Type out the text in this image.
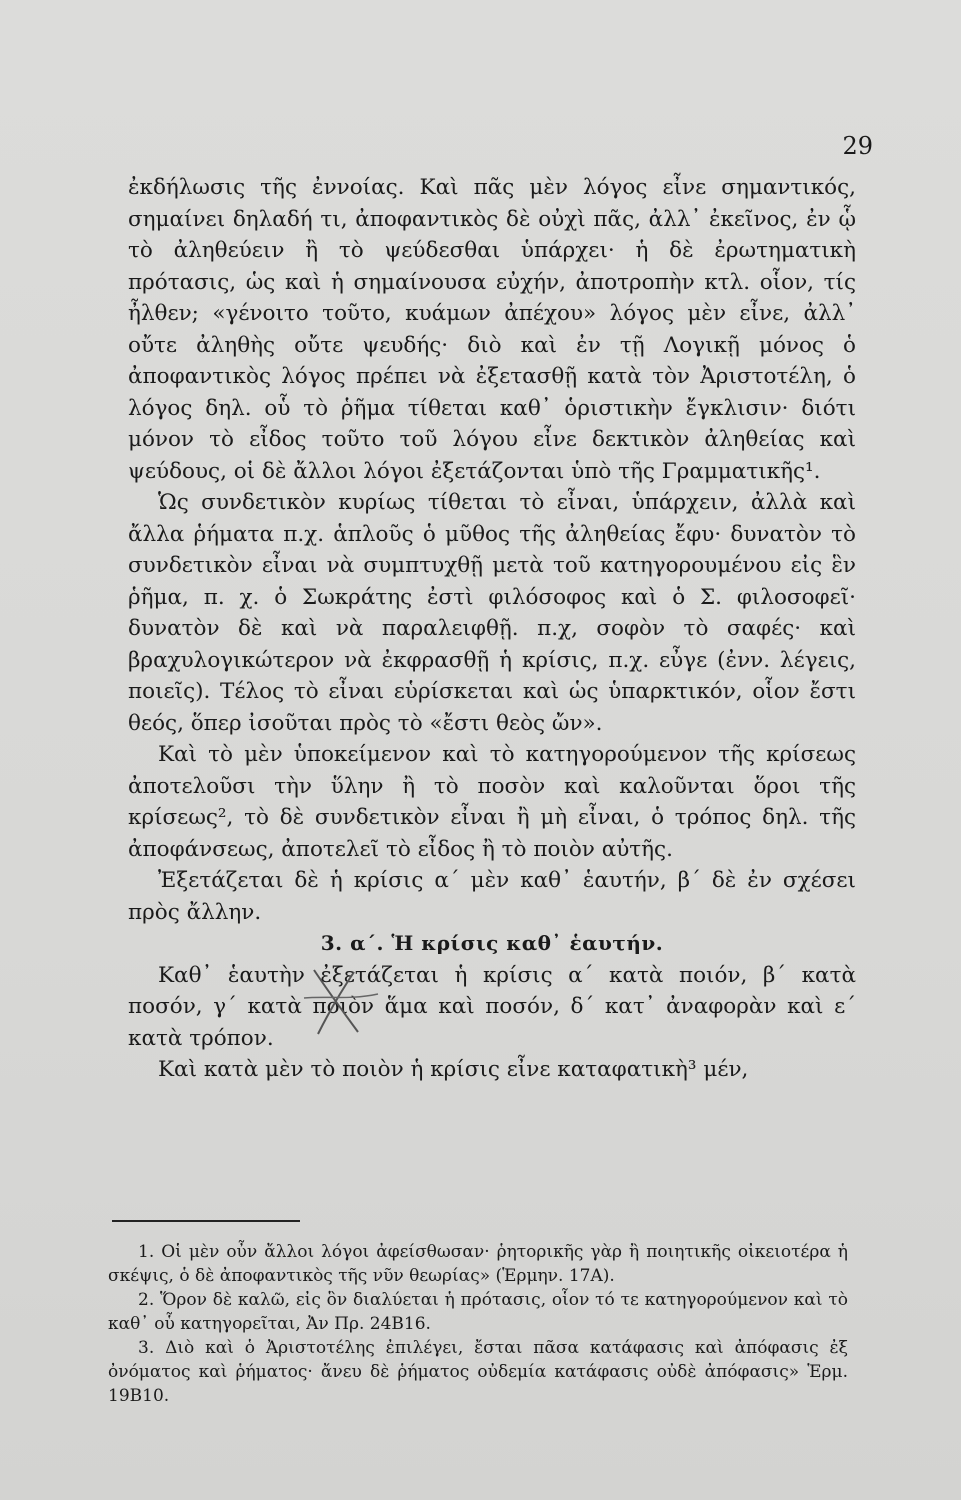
29

ἐκδήλωσις τῆς ἐννοίας. Καὶ πᾶς μὲν λόγος εἶνε σημαντικός, σημαίνει δηλαδή τι, ἀποφαντικὸς δὲ οὐχὶ πᾶς, ἀλλ᾽ ἐκεῖνος, ἐν ᾧ τὸ ἀληθεύειν ἢ τὸ ψεύδεσθαι ὑπάρχει· ἡ δὲ ἐρωτηματικὴ πρότασις, ὡς καὶ ἡ σημαίνουσα εὐχήν, ἀποτροπὴν κτλ. οἷον, τίς ἦλθεν; «γένοιτο τοῦτο, κυάμων ἀπέχου» λόγος μὲν εἶνε, ἀλλ᾽ οὔτε ἀληθὴς οὔτε ψευδής· διὸ καὶ ἐν τῇ Λογικῇ μόνος ὁ ἀποφαντικὸς λόγος πρέπει νὰ ἐξετασθῇ κατὰ τὸν Ἀριστοτέλη, ὁ λόγος δηλ. οὗ τὸ ῥῆμα τίθεται καθ᾽ ὁριστικὴν ἔγκλισιν· διότι μόνον τὸ εἶδος τοῦτο τοῦ λόγου εἶνε δεκτικὸν ἀληθείας καὶ ψεύδους, οἱ δὲ ἄλλοι λόγοι ἐξετάζονται ὑπὸ τῆς Γραμματικῆς¹.

Ὡς συνδετικὸν κυρίως τίθεται τὸ εἶναι, ὑπάρχειν, ἀλλὰ καὶ ἄλλα ῥήματα π.χ. ἁπλοῦς ὁ μῦθος τῆς ἀληθείας ἔφυ· δυνατὸν τὸ συνδετικὸν εἶναι νὰ συμπτυχθῇ μετὰ τοῦ κατηγορουμένου εἰς ἓν ῥῆμα, π. χ. ὁ Σωκράτης ἐστὶ φιλόσοφος καὶ ὁ Σ. φιλοσοφεῖ· δυνατὸν δὲ καὶ νὰ παραλειφθῇ. π.χ, σοφὸν τὸ σαφές· καὶ βραχυλογικώτερον νὰ ἐκφρασθῇ ἡ κρίσις, π.χ. εὖγε (ἐνν. λέγεις, ποιεῖς). Τέλος τὸ εἶναι εὑρίσκεται καὶ ὡς ὑπαρκτικόν, οἷον ἔστι θεός, ὅπερ ἰσοῦται πρὸς τὸ «ἔστι θεὸς ὤν».

Καὶ τὸ μὲν ὑποκείμενον καὶ τὸ κατηγορούμενον τῆς κρίσεως ἀποτελοῦσι τὴν ὕλην ἢ τὸ ποσὸν καὶ καλοῦνται ὅροι τῆς κρίσεως², τὸ δὲ συνδετικὸν εἶναι ἢ μὴ εἶναι, ὁ τρόπος δηλ. τῆς ἀποφάνσεως, ἀποτελεῖ τὸ εἶδος ἢ τὸ ποιὸν αὐτῆς.

Ἐξετάζεται δὲ ἡ κρίσις α΄ μὲν καθ᾽ ἑαυτήν, β΄ δὲ ἐν σχέσει πρὸς ἄλλην.

3. α΄. Ἡ κρίσις καθ᾽ ἑαυτήν.

Καθ᾽ ἑαυτὴν ἐξετάζεται ἡ κρίσις α΄ κατὰ ποιόν, β΄ κατὰ ποσόν, γ΄ κατὰ ποιὸν ἅμα καὶ ποσόν, δ΄ κατ᾽ ἀναφορὰν καὶ ε΄ κατὰ τρόπον.

Καὶ κατὰ μὲν τὸ ποιὸν ἡ κρίσις εἶνε καταφατικὴ³ μέν,

1. Οἱ μὲν οὖν ἄλλοι λόγοι ἀφείσθωσαν· ῥητορικῆς γὰρ ἢ ποιητικῆς οἰκειοτέρα ἡ σκέψις, ὁ δὲ ἀποφαντικὸς τῆς νῦν θεωρίας» (Ἑρμην. 17Α).

2. Ὅρον δὲ καλῶ, εἰς ὃν διαλύεται ἡ πρότασις, οἷον τό τε κατηγορούμενον καὶ τὸ καθ᾽ οὗ κατηγορεῖται, Ἀν Πρ. 24Β16.

3. Διὸ καὶ ὁ Ἀριστοτέλης ἐπιλέγει, ἔσται πᾶσα κατάφασις καὶ ἀπόφασις ἐξ ὀνόματος καὶ ῥήματος· ἄνευ δὲ ῥήματος οὐδεμία κατάφασις οὐδὲ ἀπόφασις» Ἑρμ. 19Β10.
